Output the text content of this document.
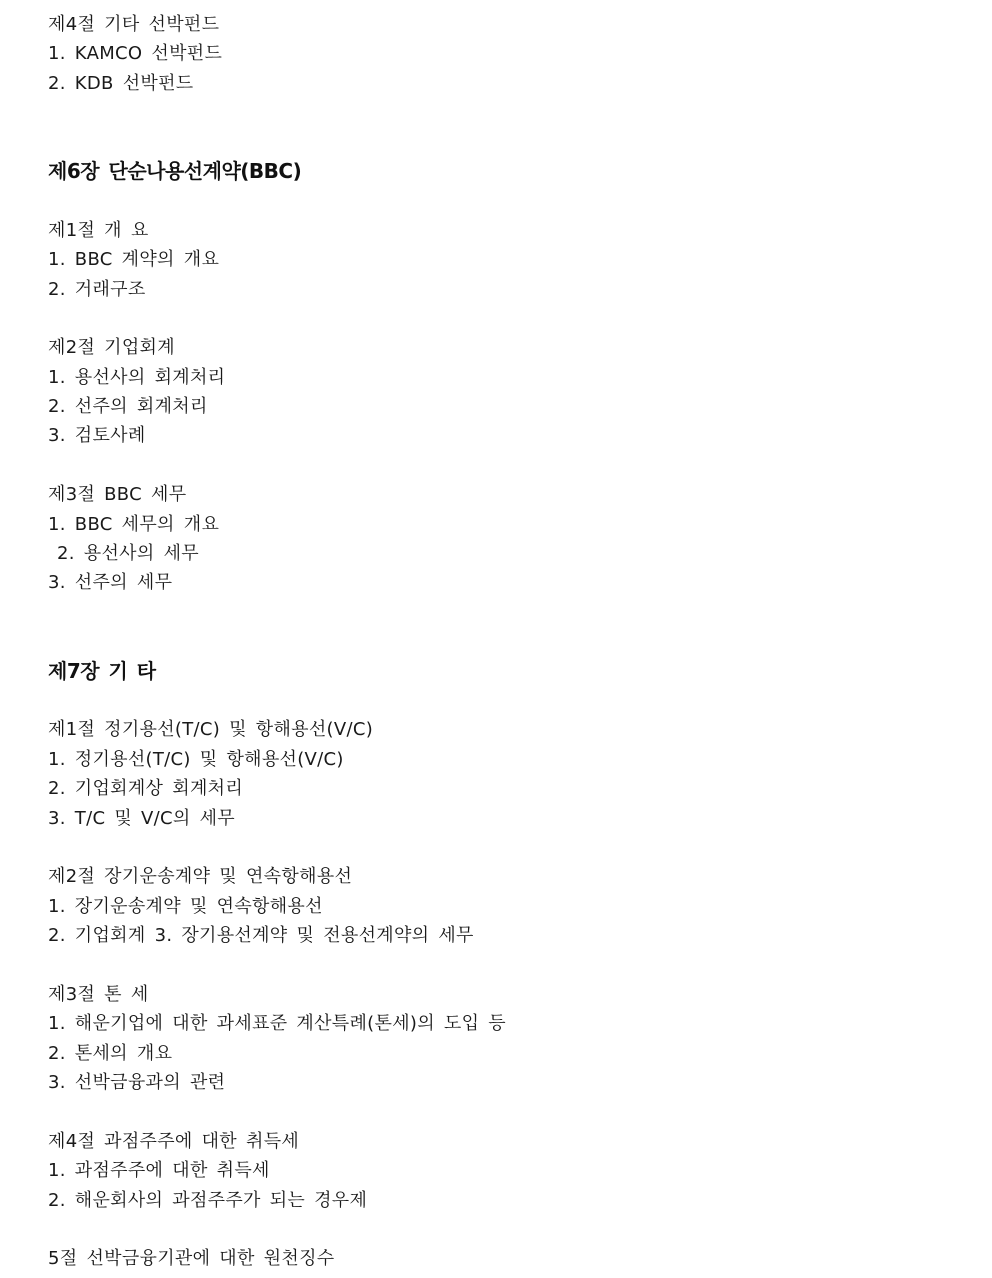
제4절 기타 선박펀드
1. KAMCO 선박펀드
2. KDB 선박펀드
제6장 단순나용선계약(BBC)
제1절 개 요
1. BBC 계약의 개요
2. 거래구조
제2절 기업회계
1. 용선사의 회계처리
2. 선주의 회계처리
3. 검토사례
제3절 BBC 세무
1. BBC 세무의 개요
2. 용선사의 세무
3. 선주의 세무
제7장 기 타
제1절 정기용선(T/C) 및 항해용선(V/C)
1. 정기용선(T/C) 및 항해용선(V/C)
2. 기업회계상 회계처리
3. T/C 및 V/C의 세무
제2절 장기운송계약 및 연속항해용선
1. 장기운송계약 및 연속항해용선
2. 기업회계 3. 장기용선계약 및 전용선계약의 세무
제3절 톤 세
1. 해운기업에 대한 과세표준 계산특례(톤세)의 도입 등
2. 톤세의 개요
3. 선박금융과의 관련
제4절 과점주주에 대한 취득세
1. 과점주주에 대한 취득세
2. 해운회사의 과점주주가 되는 경우제
5절 선박금융기관에 대한 원천징수
